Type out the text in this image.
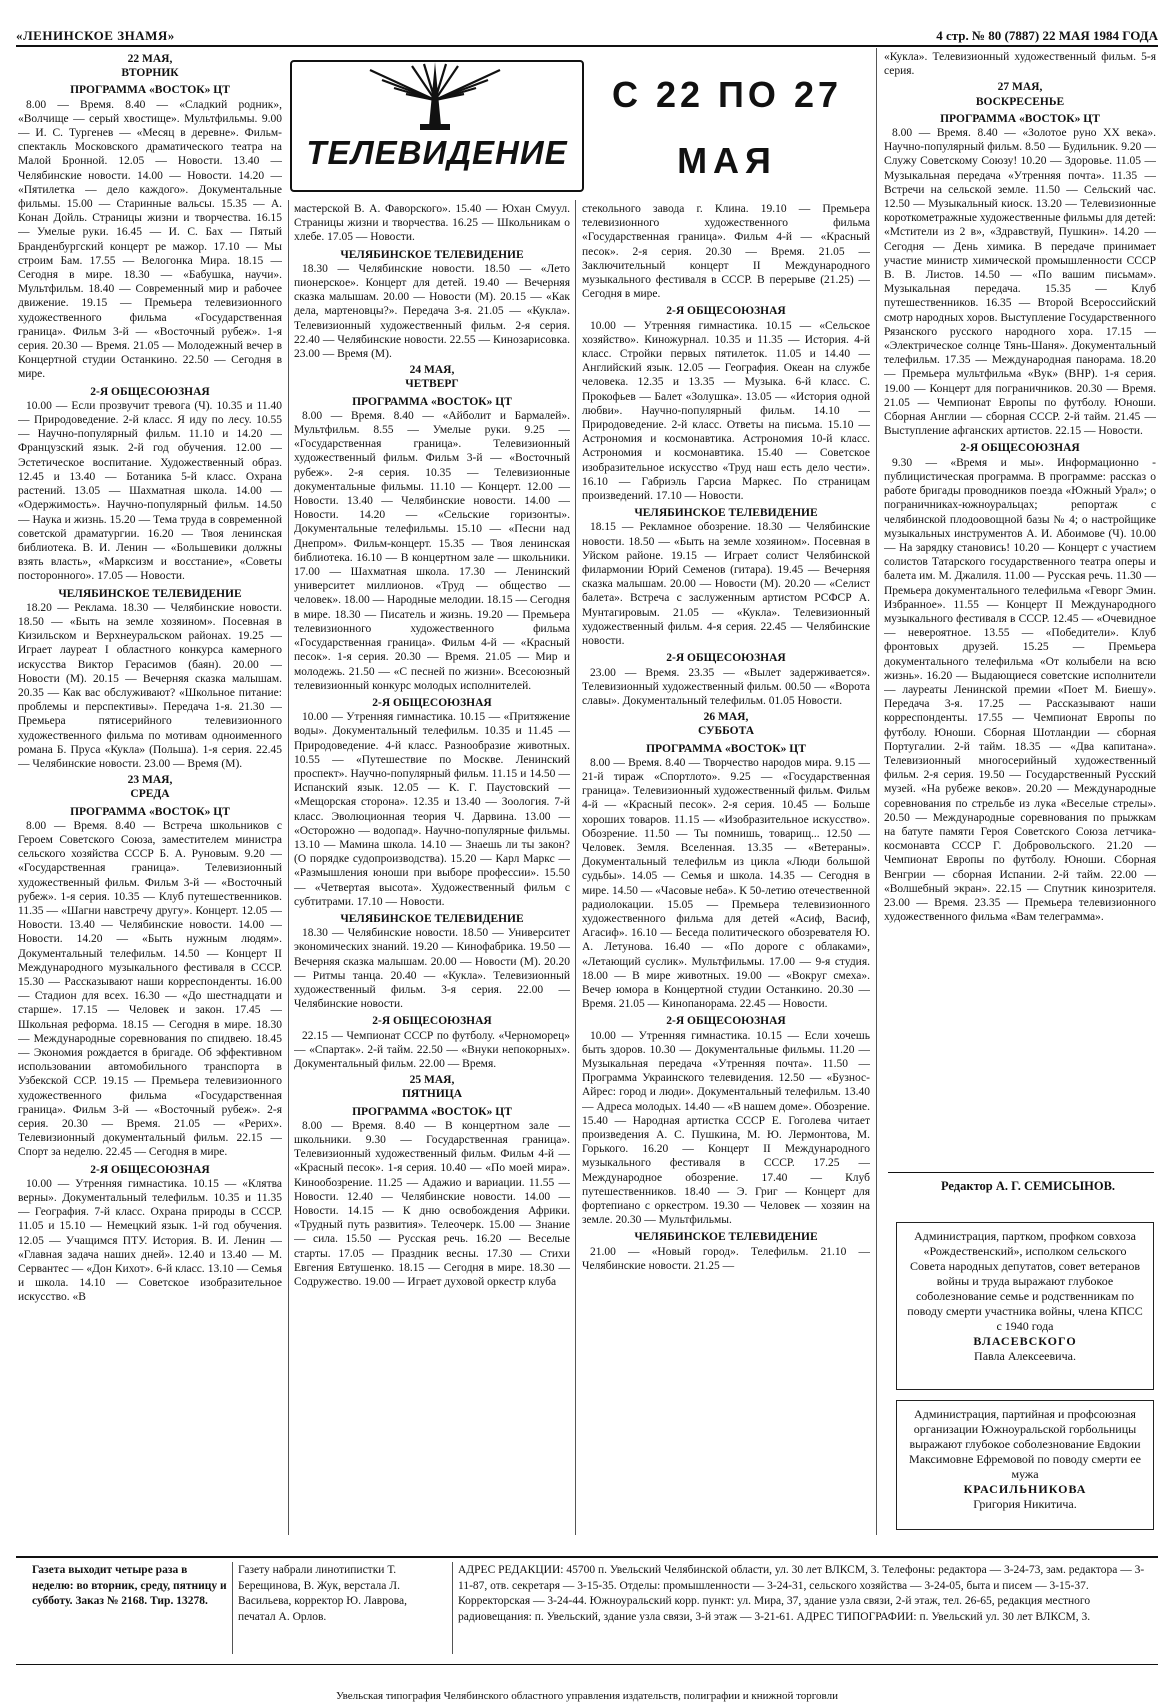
«ЛЕНИНСКОЕ ЗНАМЯ»	4 стр. № 80 (7887) 22 МАЯ 1984 ГОДА
ТЕЛЕВИДЕНИЕ
С 22 ПО 27
МАЯ
22 МАЯ,
ВТОРНИК
ПРОГРАММА «ВОСТОК» ЦТ

8.00 — Время. 8.40 — «Сладкий родник», «Волчище — серый хвостище». Мультфильмы. 9.00 — И. С. Тургенев — «Месяц в деревне». Фильм-спектакль Московского драматического театра на Малой Бронной. 12.05 — Новости. 13.40 — Челябинские новости. 14.00 — Новости. 14.20 — «Пятилетка — дело каждого». Документальные фильмы. 15.00 — Старинные вальсы. 15.35 — А. Конан Дойль. Страницы жизни и творчества. 16.15 — Умелые руки. 16.45 — И. С. Бах — Пятый Бранденбургский концерт ре мажор. 17.10 — Мы строим Бам. 17.55 — Велогонка Мира. 18.15 — Сегодня в мире. 18.30 — «Бабушка, научи». Мультфильм. 18.40 — Современный мир и рабочее движение. 19.15 — Премьера телевизионного художественного фильма «Государственная граница». Фильм 3-й — «Восточный рубеж». 1-я серия. 20.30 — Время. 21.05 — Молодежный вечер в Концертной студии Останкино. 22.50 — Сегодня в мире.

2-Я ОБЩЕСОЮЗНАЯ

10.00 — Если прозвучит тревога (Ч). 10.35 и 11.40 — Природоведение. 2-й класс. Я иду по лесу. 10.55 — Научно-популярный фильм. 11.10 и 14.20 — Французский язык. 2-й год обучения. 12.00 — Эстетическое воспитание. Художественный образ. 12.45 и 13.40 — Ботаника 5-й класс. Охрана растений. 13.05 — Шахматная школа. 14.00 — «Одержимость». Научно-популярный фильм. 14.50 — Наука и жизнь. 15.20 — Тема труда в современной советской драматургии. 16.20 — Твоя ленинская библиотека. В. И. Ленин — «Большевики должны взять власть», «Марксизм и восстание», «Советы посторонного». 17.05 — Новости.

ЧЕЛЯБИНСКОЕ ТЕЛЕВИДЕНИЕ

18.20 — Реклама. 18.30 — Челябинские новости. 18.50 — «Быть на земле хозяином». Посевная в Кизильском и Верхнеуральском районах. 19.25 — Играет лауреат I областного конкурса камерного искусства Виктор Герасимов (баян). 20.00 — Новости (М). 20.15 — Вечерняя сказка малышам. 20.35 — Как вас обслуживают? «Школьное питание: проблемы и перспективы». Передача 1-я. 21.30 — Премьера пятисерийного телевизионного художественного фильма по мотивам одноименного романа Б. Пруса «Кукла» (Польша). 1-я серия. 22.45 — Челябинские новости. 23.00 — Время (М).

23 МАЯ,
СРЕДА
ПРОГРАММА «ВОСТОК» ЦТ

8.00 — Время. 8.40 — Встреча школьников с Героем Советского Союза, заместителем министра сельского хозяйства СССР Б. А. Руновым. 9.20 — «Государственная граница». Телевизионный художественный фильм. Фильм 3-й — «Восточный рубеж». 1-я серия. 10.35 — Клуб путешественников. 11.35 — «Шагни навстречу другу». Концерт. 12.05 — Новости. 13.40 — Челябинские новости. 14.00 — Новости. 14.20 — «Быть нужным людям». Документальный телефильм. 14.50 — Концерт II Международного музыкального фестиваля в СССР. 15.30 — Рассказывают наши корреспонденты. 16.00 — Стадион для всех. 16.30 — «До шестнадцати и старше». 17.15 — Человек и закон. 17.45 — Школьная реформа. 18.15 — Сегодня в мире. 18.30 — Международные соревнования по спидвею. 18.45 — Экономия рождается в бригаде. Об эффективном использовании автомобильного транспорта в Узбекской ССР. 19.15 — Премьера телевизионного художественного фильма «Государственная граница». Фильм 3-й — «Восточный рубеж». 2-я серия. 20.30 — Время. 21.05 — «Рерих». Телевизионный документальный фильм. 22.15 — Спорт за неделю. 22.45 — Сегодня в мире.

2-Я ОБЩЕСОЮЗНАЯ

10.00 — Утренняя гимнастика. 10.15 — «Клятва верны». Документальный телефильм. 10.35 и 11.35 — География. 7-й класс. Охрана природы в СССР. 11.05 и 15.10 — Немецкий язык. 1-й год обучения. 12.05 — Учащимся ПТУ. История. В. И. Ленин — «Главная задача наших дней». 12.40 и 13.40 — М. Сервантес — «Дон Кихот». 6-й класс. 13.10 — Семья и школа. 14.10 — Советское изобразительное искусство. «В

мастерской В. А. Фаворского». 15.40 — Юхан Смуул. Страницы жизни и творчества. 16.25 — Школьникам о хлебе. 17.05 — Новости.

ЧЕЛЯБИНСКОЕ ТЕЛЕВИДЕНИЕ

18.30 — Челябинские новости. 18.50 — «Лето пионерское». Концерт для детей. 19.40 — Вечерняя сказка малышам. 20.00 — Новости (М). 20.15 — «Как дела, мартеновцы?». Передача 3-я. 21.05 — «Кукла». Телевизионный художественный фильм. 2-я серия. 22.40 — Челябинские новости. 22.55 — Кинозарисовка. 23.00 — Время (М).

24 МАЯ,
ЧЕТВЕРГ
ПРОГРАММА «ВОСТОК» ЦТ

8.00 — Время. 8.40 — «Айболит и Бармалей». Мультфильм. 8.55 — Умелые руки. 9.25 — «Государственная граница». Телевизионный художественный фильм. Фильм 3-й — «Восточный рубеж». 2-я серия. 10.35 — Телевизионные документальные фильмы. 11.10 — Концерт. 12.00 — Новости. 13.40 — Челябинские новости. 14.00 — Новости. 14.20 — «Сельские горизонты». Документальные телефильмы. 15.10 — «Песни над Днепром». Фильм-концерт. 15.35 — Твоя ленинская библиотека. 16.10 — В концертном зале — школьники. 17.00 — Шахматная школа. 17.30 — Ленинский университет миллионов. «Труд — общество — человек». 18.00 — Народные мелодии. 18.15 — Сегодня в мире. 18.30 — Писатель и жизнь. 19.20 — Премьера телевизионного художественного фильма «Государственная граница». Фильм 4-й — «Красный песок». 1-я серия. 20.30 — Время. 21.05 — Мир и молодежь. 21.50 — «С песней по жизни». Всесоюзный телевизионный конкурс молодых исполнителей.

2-Я ОБЩЕСОЮЗНАЯ

10.00 — Утренняя гимнастика. 10.15 — «Притяжение воды». Документальный телефильм. 10.35 и 11.45 — Природоведение. 4-й класс. Разнообразие животных. 10.55 — «Путешествие по Москве. Ленинский проспект». Научно-популярный фильм. 11.15 и 14.50 — Испанский язык. 12.05 — К. Г. Паустовский — «Мещорская сторона». 12.35 и 13.40 — Зоология. 7-й класс. Эволюционная теория Ч. Дарвина. 13.00 — «Осторожно — водопад». Научно-популярные фильмы. 13.10 — Мамина школа. 14.10 — Знаешь ли ты закон? (О порядке судопроизводства). 15.20 — Карл Маркс — «Размышления юноши при выборе профессии». 15.50 — «Четвертая высота». Художественный фильм с субтитрами. 17.10 — Новости.

ЧЕЛЯБИНСКОЕ ТЕЛЕВИДЕНИЕ

18.30 — Челябинские новости. 18.50 — Университет экономических знаний. 19.20 — Кинофабрика. 19.50 — Вечерняя сказка малышам. 20.00 — Новости (М). 20.20 — Ритмы танца. 20.40 — «Кукла». Телевизионный художественный фильм. 3-я серия. 22.00 — Челябинские новости.

2-Я ОБЩЕСОЮЗНАЯ

22.15 — Чемпионат СССР по футболу. «Черноморец» — «Спартак». 2-й тайм. 22.50 — «Внуки непокорных». Документальный фильм. 22.00 — Время.

25 МАЯ,
ПЯТНИЦА
ПРОГРАММА «ВОСТОК» ЦТ

8.00 — Время. 8.40 — В концертном зале — школьники. 9.30 — Государственная граница». Телевизионный художественный фильм. Фильм 4-й — «Красный песок». 1-я серия. 10.40 — «По моей мира». Кинообозрение. 11.25 — Адажио и вариации. 11.55 — Новости. 12.40 — Челябинские новости. 14.00 — Новости. 14.15 — К дню освобождения Африки. «Трудный путь развития». Телеочерк. 15.00 — Знание — сила. 15.50 — Русская речь. 16.20 — Веселые старты. 17.05 — Праздник весны. 17.30 — Стихи Евгения Евтушенко. 18.15 — Сегодня в мире. 18.30 — Содружество. 19.00 — Играет духовой оркестр клуба

стекольного завода г. Клина. 19.10 — Премьера телевизионного художественного фильма «Государственная граница». Фильм 4-й — «Красный песок». 2-я серия. 20.30 — Время. 21.05 — Заключительный концерт II Международного музыкального фестиваля в СССР. В перерыве (21.25) — Сегодня в мире.

2-Я ОБЩЕСОЮЗНАЯ

10.00 — Утренняя гимнастика. 10.15 — «Сельское хозяйство». Киножурнал. 10.35 и 11.35 — История. 4-й класс. Стройки первых пятилеток. 11.05 и 14.40 — Английский язык. 12.05 — География. Океан на службе человека. 12.35 и 13.35 — Музыка. 6-й класс. С. Прокофьев — Балет «Золушка». 13.05 — «История одной любви». Научно-популярный фильм. 14.10 — Природоведение. 2-й класс. Ответы на письма. 15.10 — Астрономия и космонавтика. Астрономия 10-й класс. Астрономия и космонавтика. 15.40 — Советское изобразительное искусство «Труд наш есть дело чести». 16.10 — Габриэль Гарсиа Маркес. По страницам произведений. 17.10 — Новости.

ЧЕЛЯБИНСКОЕ ТЕЛЕВИДЕНИЕ

18.15 — Рекламное обозрение. 18.30 — Челябинские новости. 18.50 — «Быть на земле хозяином». Посевная в Уйском районе. 19.15 — Играет солист Челябинской филармонии Юрий Семенов (гитара). 19.45 — Вечерняя сказка малышам. 20.00 — Новости (М). 20.20 — «Селист балета». Встреча с заслуженным артистом РСФСР А. Мунтагировым. 21.05 — «Кукла». Телевизионный художественный фильм. 4-я серия. 22.45 — Челябинские новости.

2-Я ОБЩЕСОЮЗНАЯ

23.00 — Время. 23.35 — «Вылет задерживается». Телевизионный художественный фильм. 00.50 — «Ворота славы». Документальный телефильм. 01.05 Новости.

26 МАЯ,
СУББОТА
ПРОГРАММА «ВОСТОК» ЦТ

8.00 — Время. 8.40 — Творчество народов мира. 9.15 — 21-й тираж «Спортлото». 9.25 — «Государственная граница». Телевизионный художественный фильм. Фильм 4-й — «Красный песок». 2-я серия. 10.45 — Больше хороших товаров. 11.15 — «Изобразительное искусство». Обозрение. 11.50 — Ты помнишь, товарищ... 12.50 — Человек. Земля. Вселенная. 13.35 — «Ветераны». Документальный телефильм из цикла «Люди большой судьбы». 14.05 — Семья и школа. 14.35 — Сегодня в мире. 14.50 — «Часовые неба». К 50-летию отечественной радиолокации. 15.05 — Премьера телевизионного художественного фильма для детей «Асиф, Васиф, Агасиф». 16.10 — Беседа политического обозревателя Ю. А. Летунова. 16.40 — «По дороге с облаками», «Летающий суслик». Мультфильмы. 17.00 — 9-я студия. 18.00 — В мире животных. 19.00 — «Вокруг смеха». Вечер юмора в Концертной студии Останкино. 20.30 — Время. 21.05 — Кинопанорама. 22.45 — Новости.

2-Я ОБЩЕСОЮЗНАЯ

10.00 — Утренняя гимнастика. 10.15 — Если хочешь быть здоров. 10.30 — Документальные фильмы. 11.20 — Музыкальная передача «Утренняя почта». 11.50 — Программа Украинского телевидения. 12.50 — «Бузнос-Айрес: город и люди». Документальный телефильм. 13.40 — Адреса молодых. 14.40 — «В нашем доме». Обозрение. 15.40 — Народная артистка СССР Е. Гоголева читает произведения А. С. Пушкина, М. Ю. Лермонтова, М. Горького. 16.20 — Концерт II Международного музыкального фестиваля в СССР. 17.25 — Международное обозрение. 17.40 — Клуб путешественников. 18.40 — Э. Григ — Концерт для фортепиано с оркестром. 19.30 — Человек — хозяин на земле. 20.30 — Мультфильмы.

ЧЕЛЯБИНСКОЕ ТЕЛЕВИДЕНИЕ

21.00 — «Новый город». Телефильм. 21.10 — Челябинские новости. 21.25 —

«Кукла». Телевизионный художественный фильм. 5-я серия.

27 МАЯ,
ВОСКРЕСЕНЬЕ
ПРОГРАММА «ВОСТОК» ЦТ

8.00 — Время. 8.40 — «Золотое руно XX века». Научно-популярный фильм. 8.50 — Будильник. 9.20 — Служу Советскому Союзу! 10.20 — Здоровье. 11.05 — Музыкальная передача «Утренняя почта». 11.35 — Встречи на сельской земле. 11.50 — Сельский час. 12.50 — Музыкальный киоск. 13.20 — Телевизионные короткометражные художественные фильмы для детей: «Мстители из 2 в», «Здравствуй, Пушкин». 14.20 — Сегодня — День химика. В передаче принимает участие министр химической промышленности СССР В. В. Листов. 14.50 — «По вашим письмам». Музыкальная передача. 15.35 — Клуб путешественников. 16.35 — Второй Всероссийский смотр народных хоров. Выступление Государственного Рязанского русского народного хора. 17.15 — «Электрическое солнце Тянь-Шаня». Документальный телефильм. 17.35 — Международная панорама. 18.20 — Премьера мультфильма «Вук» (ВНР). 1-я серия. 19.00 — Концерт для пограничников. 20.30 — Время. 21.05 — Чемпионат Европы по футболу. Юноши. Сборная Англии — сборная СССР. 2-й тайм. 21.45 — Выступление афганских артистов. 22.15 — Новости.

2-Я ОБЩЕСОЮЗНАЯ

9.30 — «Время и мы». Информационно - публицистическая программа. В программе: рассказ о работе бригады проводников поезда «Южный Урал»; о пограничниках-южноуральцах; репортаж с челябинской плодоовощной базы № 4; о настройщике музыкальных инструментов А. И. Абоимове (Ч). 10.00 — На зарядку становись! 10.20 — Концерт с участием солистов Татарского государственного театра оперы и балета им. М. Джалиля. 11.00 — Русская речь. 11.30 — Премьера документального телефильма «Геворг Эмин. Избранное». 11.55 — Концерт II Международного музыкального фестиваля в СССР. 12.45 — «Очевидное — невероятное. 13.55 — «Победители». Клуб фронтовых друзей. 15.25 — Премьера документального телефильма «От колыбели на всю жизнь». 16.20 — Выдающиеся советские исполнители — лауреаты Ленинской премии «Поет М. Биешу». Передача 3-я. 17.25 — Рассказывают наши корреспонденты. 17.55 — Чемпионат Европы по футболу. Юноши. Сборная Шотландии — сборная Португалии. 2-й тайм. 18.35 — «Два капитана». Телевизионный многосерийный художественный фильм. 2-я серия. 19.50 — Государственный Русский музей. «На рубеже веков». 20.20 — Международные соревнования по стрельбе из лука «Веселые стрелы». 20.50 — Международные соревнования по прыжкам на батуте памяти Героя Советского Союза летчика-космонавта СССР Г. Добровольского. 21.20 — Чемпионат Европы по футболу. Юноши. Сборная Венгрии — сборная Испании. 2-й тайм. 22.00 — «Волшебный экран». 22.15 — Спутник кинозрителя. 23.00 — Время. 23.35 — Премьера телевизионного художественного фильма «Вам телеграмма».

Редактор А. Г. СЕМИСЫНОВ.
Администрация, партком, профком совхоза «Рождественский», исполком сельского Совета народных депутатов, совет ветеранов войны и труда выражают глубокое соболезнование семье и родственникам по поводу смерти участника войны, члена КПСС с 1940 года
ВЛАСЕВСКОГО
Павла Алексеевича.
Администрация, партийная и профсоюзная организации Южноуральской горбольницы выражают глубокое соболезнование Евдокии Максимовне Ефремовой по поводу смерти ее мужа
КРАСИЛЬНИКОВА
Григория Никитича.
Газета выходит четыре раза в неделю: во вторник, среду, пятницу и субботу. Заказ № 2168. Тир. 13278.
Газету набрали линотипистки Т. Берещинова, В. Жук, верстала Л. Васильева, корректор Ю. Лаврова, печатал А. Орлов.
АДРЕС РЕДАКЦИИ: 45700 п. Увельский Челябинской области, ул. 30 лет ВЛКСМ, 3. Телефоны: редактора — 3-24-73, зам. редактора — 3-11-87, отв. секретаря — 3-15-35. Отделы: промышленности — 3-24-31, сельского хозяйства — 3-24-05, быта и писем — 3-15-37. Корректорская — 3-24-44. Южноуральский корр. пункт: ул. Мира, 37, здание узла связи, 2-й этаж, тел. 26-65, редакция местного радиовещания: п. Увельский, здание узла связи, 3-й этаж — 3-21-61. АДРЕС ТИПОГРАФИИ: п. Увельский ул. 30 лет ВЛКСМ, 3.
Увельская типография Челябинского областного управления издательств, полиграфии и книжной торговли
